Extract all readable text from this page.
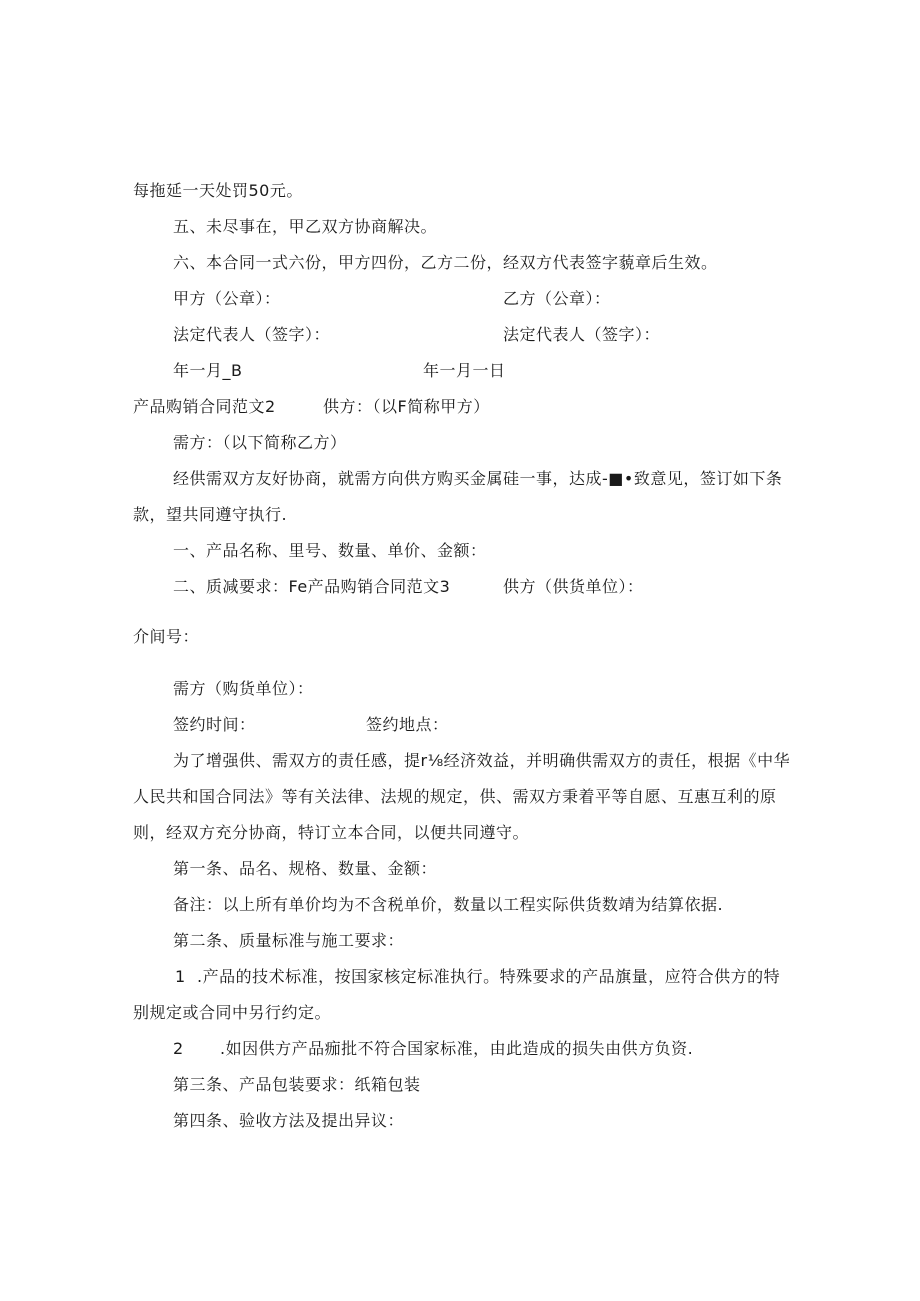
每拖延一天处罚50元。
五、未尽事在，甲乙双方协商解决。
六、本合同一式六份，甲方四份，乙方二份，经双方代表签字藐章后生效。
甲方（公章）：	乙方（公章）：
法定代表人（签字）：	法定代表人（签字）：
年一月_B	年一月一日
产品购销合同范文2	供方：（以F简称甲方）
需方：（以下简称乙方）
经供需双方友好协商，就需方向供方购买金属硅一事，达成-■•致意见，签订如下条
款，望共同遵守执行.
一、产品名称、里号、数量、单价、金额：
二、质减要求：Fe产品购销合同范文3	供方（供货单位）：
介间号：
需方（购货单位）：
签约时间：	签约地点：
为了增强供、需双方的责任感，提r⅛经济效益，并明确供需双方的责任，根据《中华
人民共和国合同法》等有关法律、法规的规定，供、需双方秉着平等自愿、互惠互利的原
则，经双方充分协商，特订立本合同，以便共同遵守。
第一条、品名、规格、数量、金额：
备注：以上所有单价均为不含税单价，数量以工程实际供货数靖为结算依据.
第二条、质量标准与施工要求：
1 .产品的技术标准，按国家核定标准执行。特殊要求的产品旗量，应符合供方的特
别规定或合同中另行约定。
2 .如因供方产品痂批不符合国家标准，由此造成的损失由供方负资.
第三条、产品包装要求：纸箱包装
第四条、验收方法及提出异议：
